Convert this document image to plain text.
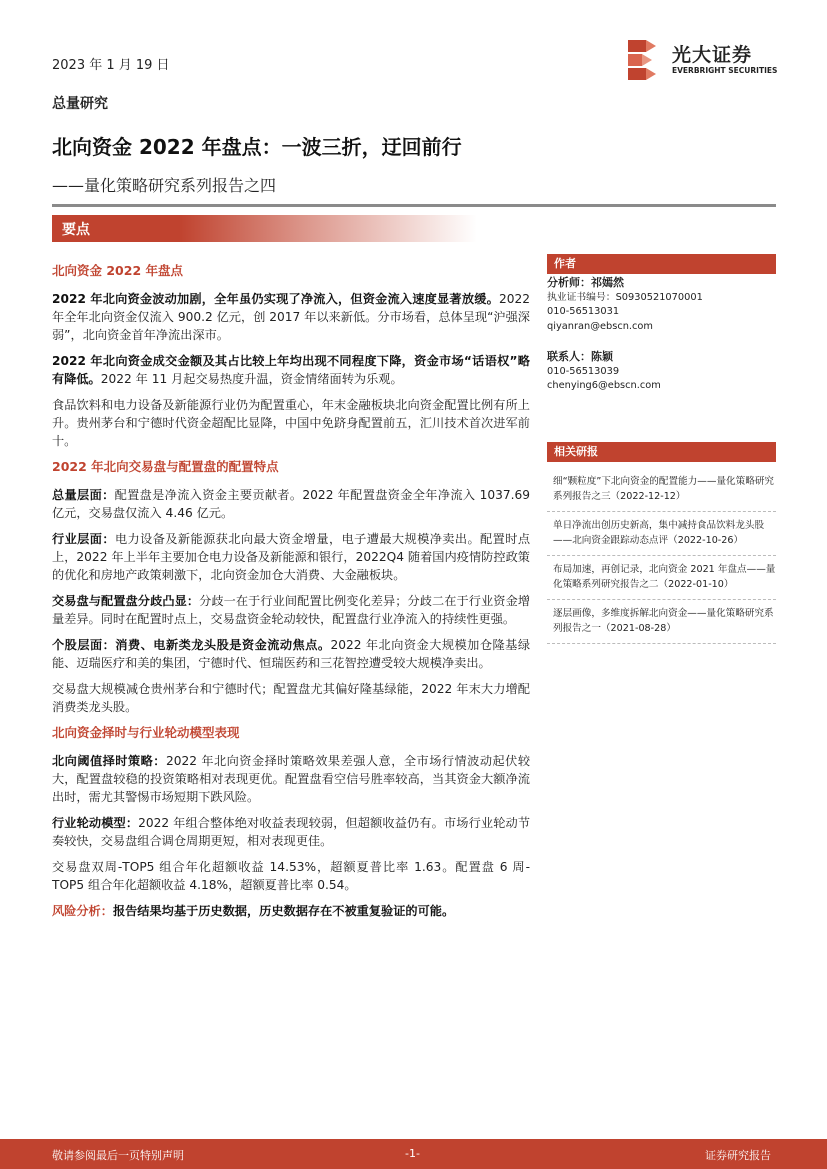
2023 年 1 月 19 日	光大证券
EVERBRIGHT SECURITIES
总量研究
北向资金 2022 年盘点：一波三折，迂回前行
——量化策略研究系列报告之四
要点
北向资金 2022 年盘点

2022 年北向资金波动加剧，全年虽仍实现了净流入，但资金流入速度显著放缓。2022 年全年北向资金仅流入 900.2 亿元，创 2017 年以来新低。分市场看，总体呈现“沪强深弱”，北向资金首年净流出深市。

2022 年北向资金成交金额及其占比较上年均出现不同程度下降，资金市场“话语权”略有降低。2022 年 11 月起交易热度升温，资金情绪面转为乐观。

食品饮料和电力设备及新能源行业仍为配置重心，年末金融板块北向资金配置比例有所上升。贵州茅台和宁德时代资金超配比显降，中国中免跻身配置前五，汇川技术首次进军前十。

2022 年北向交易盘与配置盘的配置特点

总量层面：配置盘是净流入资金主要贡献者。2022 年配置盘资金全年净流入 1037.69 亿元，交易盘仅流入 4.46 亿元。

行业层面：电力设备及新能源获北向最大资金增量，电子遭最大规模净卖出。配置时点上，2022 年上半年主要加仓电力设备及新能源和银行，2022Q4 随着国内疫情防控政策的优化和房地产政策刺激下，北向资金加仓大消费、大金融板块。

交易盘与配置盘分歧凸显：分歧一在于行业间配置比例变化差异；分歧二在于行业资金增量差异。同时在配置时点上，交易盘资金轮动较快，配置盘行业净流入的持续性更强。

个股层面：消费、电新类龙头股是资金流动焦点。2022 年北向资金大规模加仓隆基绿能、迈瑞医疗和美的集团，宁德时代、恒瑞医药和三花智控遭受较大规模净卖出。

交易盘大规模减仓贵州茅台和宁德时代；配置盘尤其偏好隆基绿能，2022 年末大力增配消费类龙头股。

北向资金择时与行业轮动模型表现

北向阈值择时策略：2022 年北向资金择时策略效果差强人意，全市场行情波动起伏较大，配置盘较稳的投资策略相对表现更优。配置盘看空信号胜率较高，当其资金大额净流出时，需尤其警惕市场短期下跌风险。

行业轮动模型：2022 年组合整体绝对收益表现较弱，但超额收益仍有。市场行业轮动节奏较快，交易盘组合调仓周期更短，相对表现更佳。

交易盘双周-TOP5 组合年化超额收益 14.53%，超额夏普比率 1.63。配置盘 6 周-TOP5 组合年化超额收益 4.18%，超额夏普比率 0.54。

风险分析：报告结果均基于历史数据，历史数据存在不被重复验证的可能。

作者
分析师：祁嫣然
执业证书编号：S0930521070001
010-56513031
qiyanran@ebscn.com
联系人：陈颖
010-56513039
chenying6@ebscn.com
相关研报
细“颗粒度”下北向资金的配置能力——量化策略研究系列报告之三（2022-12-12）
单日净流出创历史新高，集中减持食品饮料龙头股——北向资金跟踪动态点评（2022-10-26）
布局加速，再创记录，北向资金 2021 年盘点——量化策略系列研究报告之二（2022-01-10）
逐层画像，多维度拆解北向资金——量化策略研究系列报告之一（2021-08-28）
敬请参阅最后一页特别声明	-1-	证券研究报告
